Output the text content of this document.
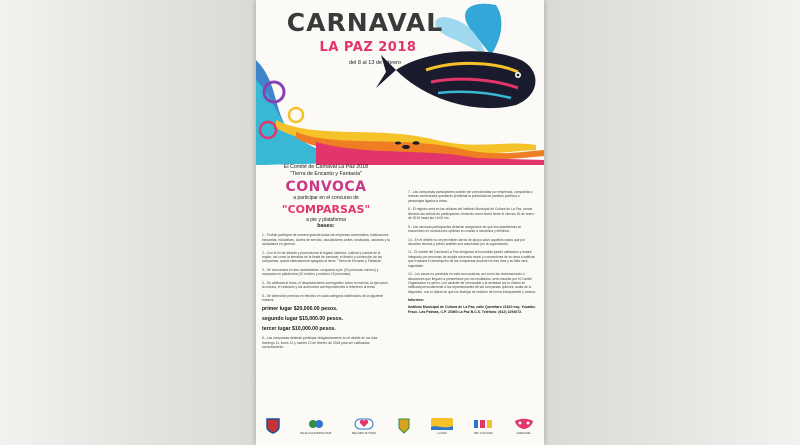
CARNAVAL
LA PAZ 2018
del 8 al 13 de febrero
El Comité de Carnaval La Paz 2018
"Tierra de Encanto y Fantasía"
CONVOCA
a participar en el concurso de
"COMPARSAS"
a pie y plataforma
bases:

1.- Podrán participar de manera gratuita todas las empresas comerciales, instituciones bancarias, educativas, clubes de servicio, asociaciones civiles, sindicatos, camaras y la ciudadanía en general.

2.- Con el fin de difundir y promocionar el legado histórico, cultural y natural de la región, así como la temática de la fiesta de carnaval, el diseño y confección de las comparsas, queda estrictamente apegado al lema: "Tierra de Encanto y Fantasía".

3.- Se concursará en dos modalidades: comparsa a pie (20 personas mínimo) y comparsa en plataforma (10 mínimo y máximo 15 personas).

4.- Se calificará el tema, el desplazamiento coreográfico sobre la marcha, la ejecución, la música, el vestuario y los accesorios correspondientes a referenes al tema.

5.- Se obtendrán premios en efectivo en cada categoría distribuidos de la siguiente manera:

primer lugar $20,000.00 pesos.
segundo lugar $15,000.00 pesos.
tercer lugar $10,000.00 pesos.

6.- Las comparsas deberán participar obligatoriamente en el desfile de los días domingo 11, lunes 12 y martes 13 de febrero de 2018 para ser calificadas correctamente.

7.- Las comparsas participantes podrán ser patrocinadas por empresas, compañías o marcas comerciales quedando prohibida la publicidad de partidos políticos o personajes ligados a éstos.

8.- El registro será en las oficinas del Instituto Municipal de Cultura de La Paz, donde llenarán las cédula de participación, teniendo como fecha límite el viernes 26 de enero de 2018 hasta las 14:00 hrs.

9.- Las carrozas participantes deberán asegurarse de que sus plataformas se encuentren en condiciones óptimas en cuanto a mecánica y eléctrica.

10.- En el desfile no se permitirán carros de apoyo salvo aquellos casos que por situación técnica y previo análisis sea autorizado por la organización.

11.- El comité del Carnaval La Paz designará al honorable jurado calificador y estará integrado por personas de amplia solvencia moral y conocedores de su área a calificar, que evaluará el desempeño de las comparsas durante los tres días y su fallo será inapelable.

12.- Los casos no previstos en esta convocatoria, así como las reclamaciones o situaciones que lleguen a presentarse por los resultados, será resuelto por el Comité Organizador en pleno, con carácter de irrevocable y la seriedad por lo mismo se ratificará personalmente a los representantes de las comparsas quienes, acata de lo dispuesto, con el objeto de que los festejos se realicen de forma transparente y ordena.

Informes:
Instituto Municipal de Cultura de La Paz, calle Querétaro #1610 esq. Yucatán. Fracc. Las Palmas, C.P. 23060 La Paz B.C.S. Teléfono: (612) 1294072.
BAJA CALIFORNIA SUR	SEGURO FUTURO	LA PAZ	IMC CULTURA	CARNAVAL
